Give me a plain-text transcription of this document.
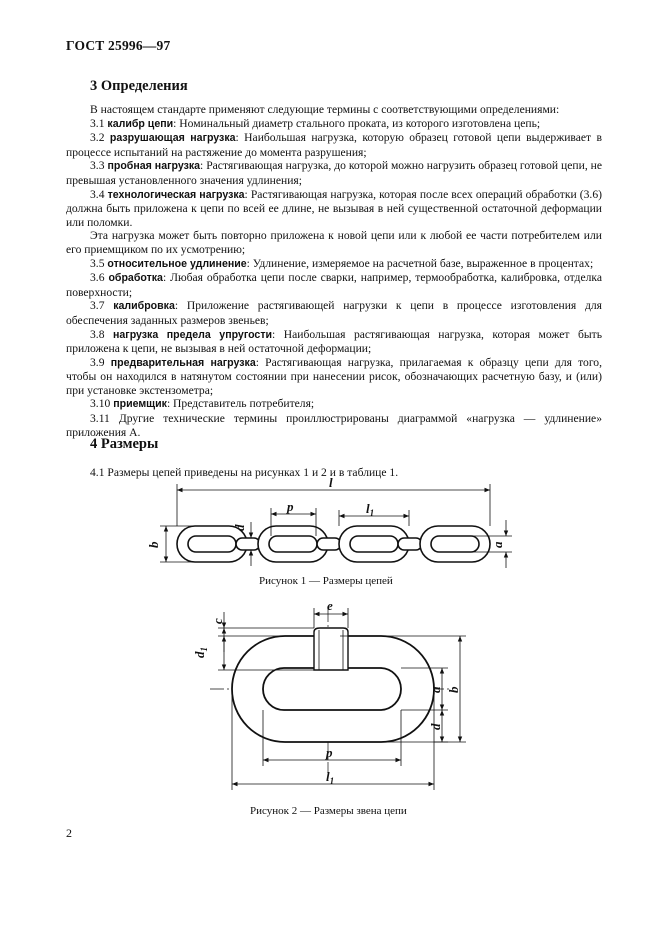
ГОСТ 25996—97
3 Определения

В настоящем стандарте применяют следующие термины с соответствующими определениями:

3.1 калибр цепи: Номинальный диаметр стального проката, из которого изготовлена цепь;

3.2 разрушающая нагрузка: Наибольшая нагрузка, которую образец готовой цепи выдерживает в процессе испытаний на растяжение до момента разрушения;

3.3 пробная нагрузка: Растягивающая нагрузка, до которой можно нагрузить образец готовой цепи, не превышая установленного значения удлинения;

3.4 технологическая нагрузка: Растягивающая нагрузка, которая после всех операций обработки (3.6) должна быть приложена к цепи по всей ее длине, не вызывая в ней существенной остаточной деформации или поломки.

Эта нагрузка может быть повторно приложена к новой цепи или к любой ее части потребителем или его приемщиком по их усмотрению;

3.5 относительное удлинение: Удлинение, измеряемое на расчетной базе, выраженное в процентах;

3.6 обработка: Любая обработка цепи после сварки, например, термообработка, калибровка, отделка поверхности;

3.7 калибровка: Приложение растягивающей нагрузки к цепи в процессе изготовления для обеспечения заданных размеров звеньев;

3.8 нагрузка предела упругости: Наибольшая растягивающая нагрузка, которая может быть приложена к цепи, не вызывая в ней остаточной деформации;

3.9 предварительная нагрузка: Растягивающая нагрузка, прилагаемая к образцу цепи для того, чтобы он находился в натянутом состоянии при нанесении рисок, обозначающих расчетную базу, и (или) при установке экстензометра;

3.10 приемщик: Представитель потребителя;

3.11 Другие технические термины проиллюстрированы диаграммой «нагрузка — удлинение» приложения А.

4 Размеры

4.1 Размеры цепей приведены на рисунках 1 и 2 и в таблице 1.

l
p	$l_1$
b
d
a
Рисунок 1 — Размеры цепей
e
c
$d_1$
a b
d
p
$l_1$
Рисунок 2 — Размеры звена цепи
2
